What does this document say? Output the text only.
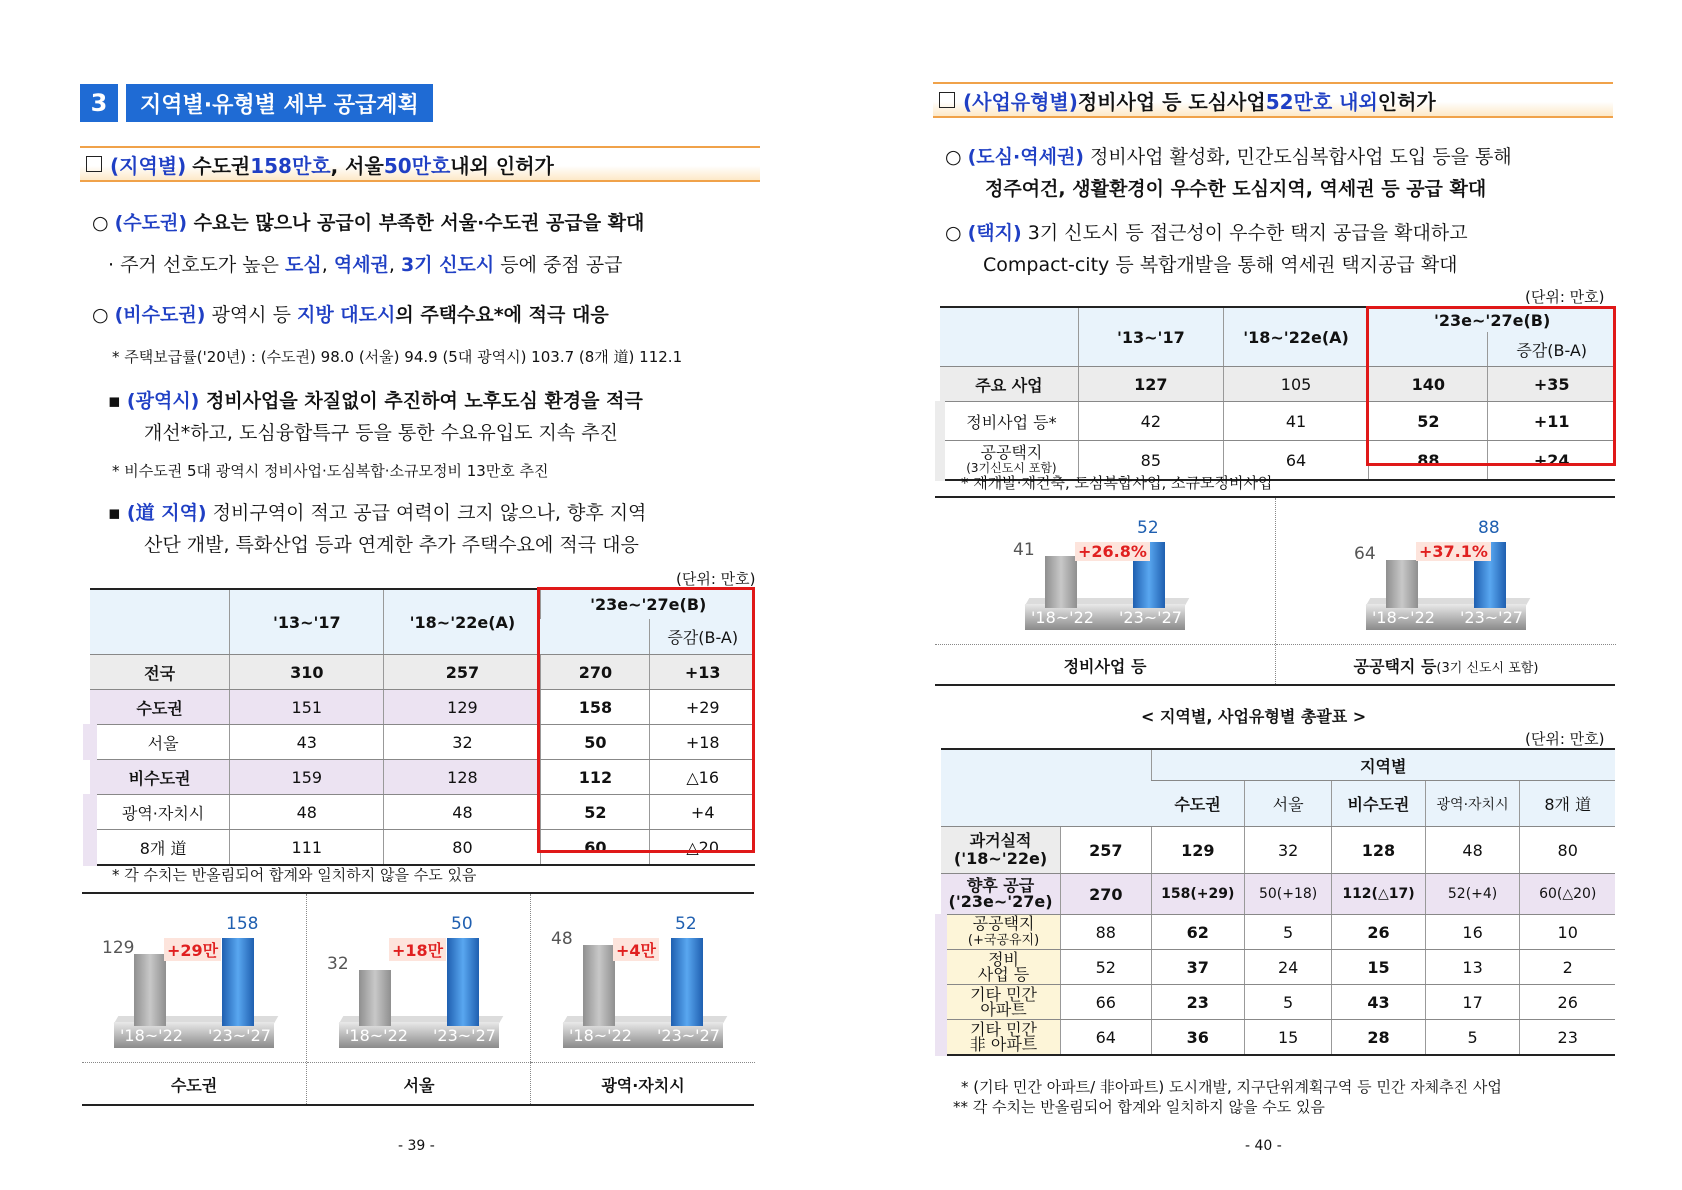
3	지역별·유형별 세부 공급계획
(지역별) 수도권 158만호 , 서울 50만호 내외 인허가
○ (수도권) 수요는 많으나 공급이 부족한 서울·수도권 공급을 확대
· 주거 선호도가 높은 도심, 역세권, 3기 신도시 등에 중점 공급
○ (비수도권) 광역시 등 지방 대도시의 주택수요*에 적극 대응
* 주택보급률('20년) : (수도권) 98.0 (서울) 94.9 (5대 광역시) 103.7 (8개 道) 112.1
▪ (광역시) 정비사업을 차질없이 추진하여 노후도심 환경을 적극
개선*하고, 도심융합특구 등을 통한 수요유입도 지속 추진
* 비수도권 5대 광역시 정비사업·도심복합·소규모정비 13만호 추진
▪ (道 지역) 정비구역이 적고 공급 여력이 크지 않으나, 향후 지역
산단 개발, 특화산업 등과 연계한 추가 주택수요에 적극 대응
(단위: 만호)
	'13~'17	'18~'22e(A)	'23e~'27e(B)	
				증감(B-A)
전국	310	257	270	+13
수도권	151	129	158	+29
서울	43	32	50	+18
비수도권	159	128	112	△16
광역·자치시	48	48	52	+4
8개 道	111	80	60	△20
* 각 수치는 반올림되어 합계와 일치하지 않을 수도 있음
129
158
+29만
'18~'22 '23~'27
수도권
32
50
+18만
'18~'22 '23~'27
서울
48
52
+4만
'18~'22 '23~'27
광역·자치시
- 39 -
(사업유형별) 정비사업 등 도심사업 52만호 내외 인허가
○ (도심·역세권) 정비사업 활성화, 민간도심복합사업 도입 등을 통해
정주여건, 생활환경이 우수한 도심지역, 역세권 등 공급 확대
○ (택지) 3기 신도시 등 접근성이 우수한 택지 공급을 확대하고
Compact-city 등 복합개발을 통해 역세권 택지공급 확대
(단위: 만호)
	'13~'17	'18~'22e(A)	'23e~'27e(B)	
				증감(B-A)
주요 사업	127	105	140	+35
정비사업 등*	42	41	52	+11
공공택지
(3기신도시 포함)	85	64	88	+24
* 재개발·재건축, 도심복합사업, 소규모정비사업
41
52
+26.8%
'18~'22 '23~'27
정비사업 등
64
88
+37.1%
'18~'22 '23~'27
공공택지 등(3기 신도시 포함)
< 지역별, 사업유형별 총괄표 >
(단위: 만호)
		지역별				
		수도권	서울	비수도권	광역·자치시	8개 道
과거실적
('18~'22e)	257	129	32	128	48	80
향후 공급
('23e~'27e)	270	158(+29)	50(+18)	112(△17)	52(+4)	60(△20)
공공택지
(+국공유지)	88	62	5	26	16	10
정비
사업 등	52	37	24	15	13	2
기타 민간
아파트	66	23	5	43	17	26
기타 민간
非 아파트	64	36	15	28	5	23
* (기타 민간 아파트/ 非아파트) 도시개발, 지구단위계획구역 등 민간 자체추진 사업
** 각 수치는 반올림되어 합계와 일치하지 않을 수도 있음
- 40 -
